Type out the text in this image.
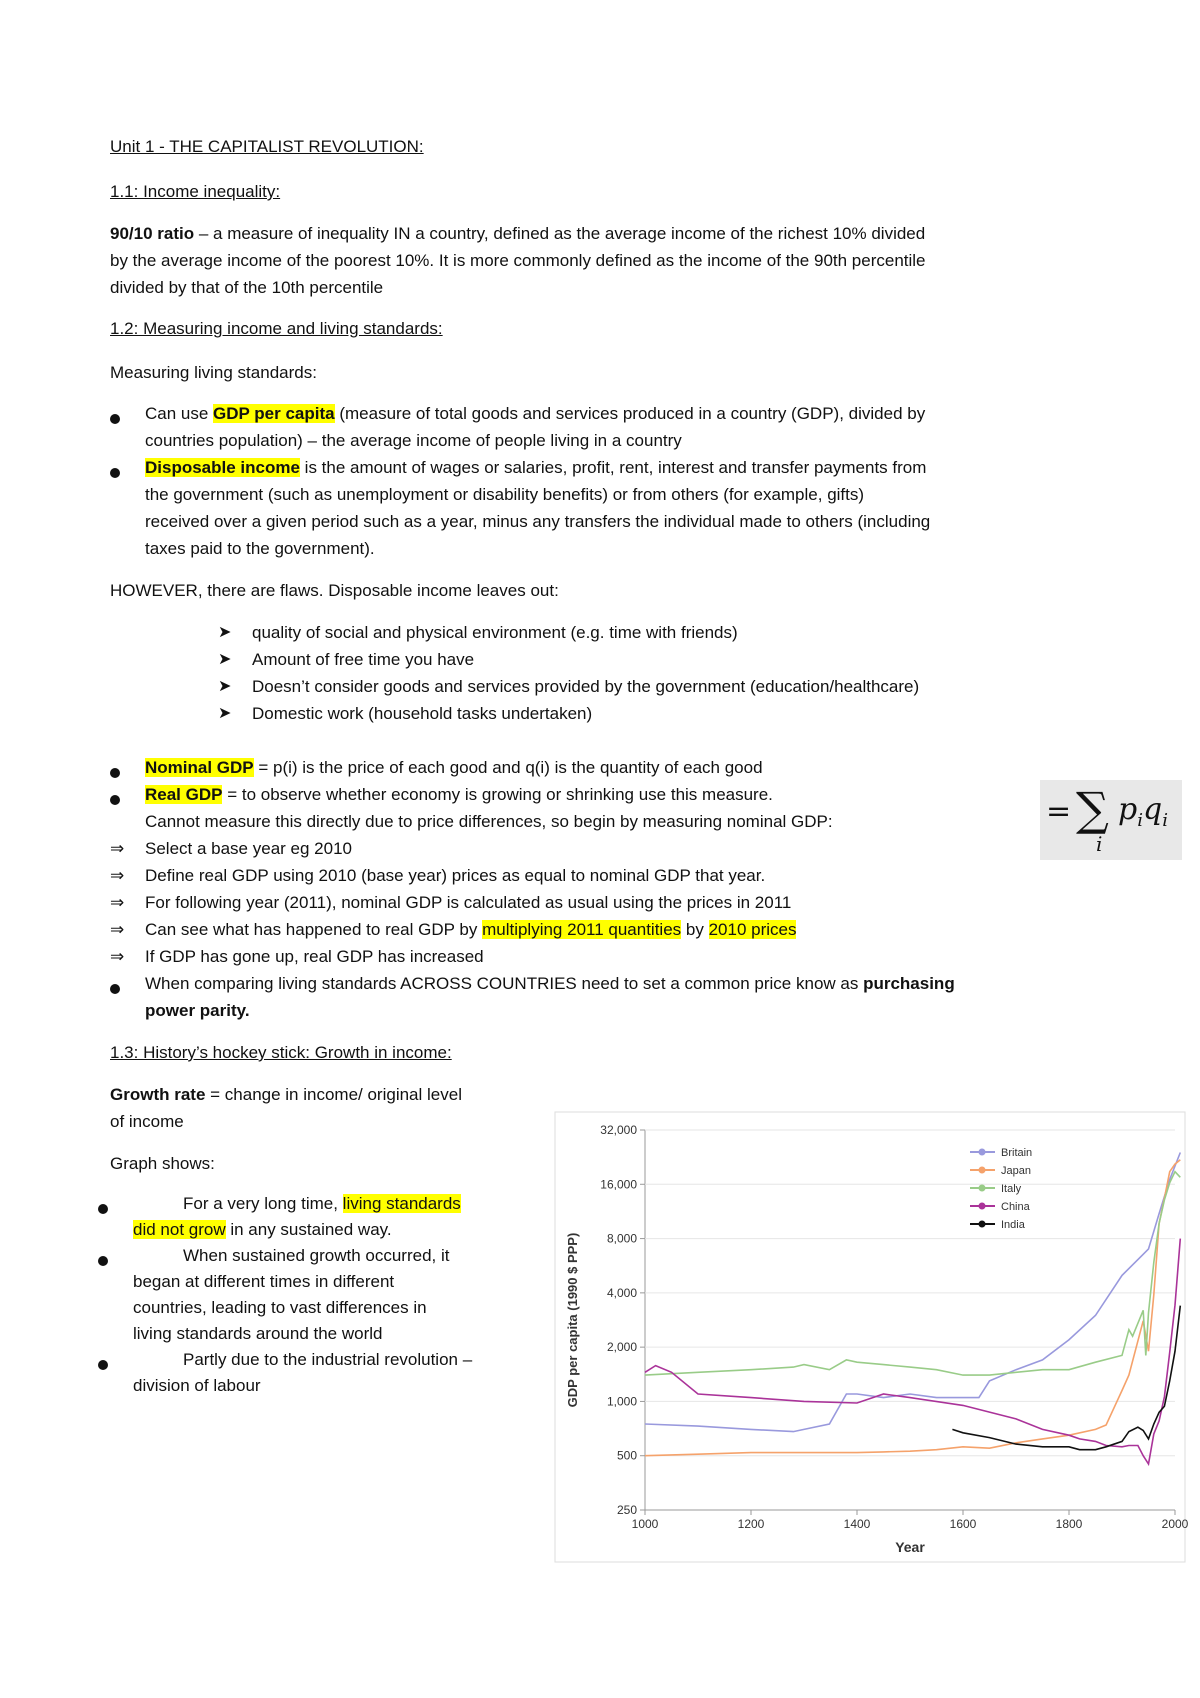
Unit 1 - THE CAPITALIST REVOLUTION:
1.1: Income inequality:
90/10 ratio – a measure of inequality IN a country, defined as the average income of the richest 10% divided
by the average income of the poorest 10%. It is more commonly defined as the income of the 90th percentile
divided by that of the 10th percentile
1.2: Measuring income and living standards:
Measuring living standards:
Can use GDP per capita (measure of total goods and services produced in a country (GDP), divided by
countries population) – the average income of people living in a country
Disposable income is the amount of wages or salaries, profit, rent, interest and transfer payments from
the government (such as unemployment or disability benefits) or from others (for example, gifts)
received over a given period such as a year, minus any transfers the individual made to others (including
taxes paid to the government).
HOWEVER, there are flaws. Disposable income leaves out:
➤ quality of social and physical environment (e.g. time with friends)
➤ Amount of free time you have
➤ Doesn’t consider goods and services provided by the government (education/healthcare)
➤ Domestic work (household tasks undertaken)
Nominal GDP = p(i) is the price of each good and q(i) is the quantity of each good
Real GDP = to observe whether economy is growing or shrinking use this measure.
Cannot measure this directly due to price differences, so begin by measuring nominal GDP:
⇒ Select a base year eg 2010
⇒ Define real GDP using 2010 (base year) prices as equal to nominal GDP that year.
⇒ For following year (2011), nominal GDP is calculated as usual using the prices in 2011
⇒ Can see what has happened to real GDP by multiplying 2011 quantities by 2010 prices
⇒ If GDP has gone up, real GDP has increased
When comparing living standards ACROSS COUNTRIES need to set a common price know as purchasing
power parity.
1.3: History’s hockey stick: Growth in income:
Growth rate = change in income/ original level
of income
Graph shows:
For a very long time, living standards
did not grow in any sustained way.
When sustained growth occurred, it
began at different times in different
countries, leading to vast differences in
living standards around the world
Partly due to the industrial revolution –
division of labour
= ∑ $p_iq_i$
i
250
500
1,000
2,000
4,000
8,000
16,000
32,000
1000	1200	1400	1600	1800	2000
Year
GDP per capita (1990 $ PPP)
Britain
Japan
Italy
China
India
